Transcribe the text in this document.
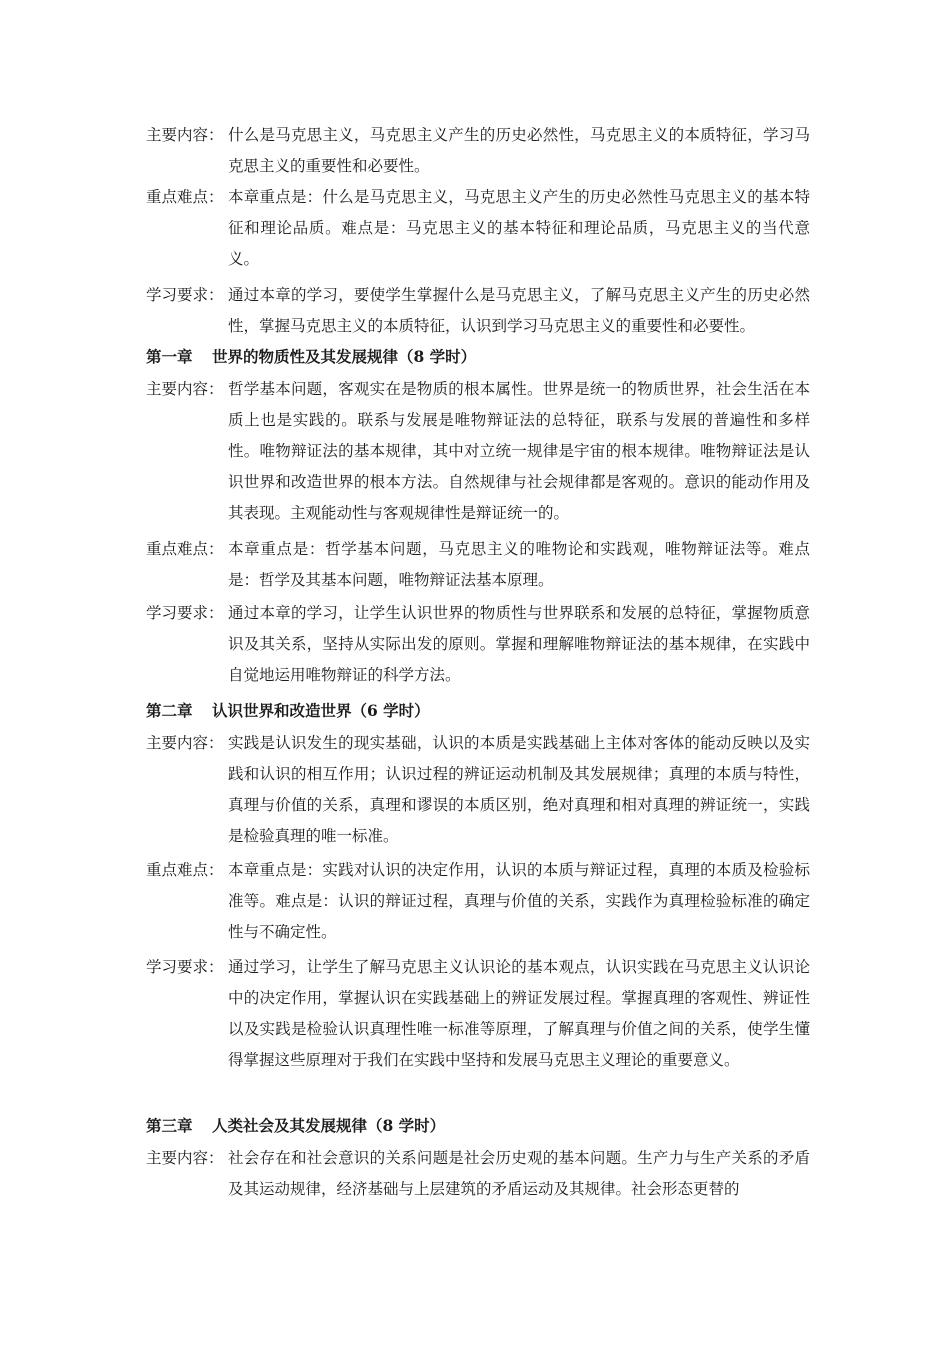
主要内容： 什么是马克思主义，马克思主义产生的历史必然性，马克思主义的本质特征，学习马克思主义的重要性和必要性。
重点难点： 本章重点是：什么是马克思主义，马克思主义产生的历史必然性马克思主义的基本特征和理论品质。难点是：马克思主义的基本特征和理论品质，马克思主义的当代意义。
学习要求： 通过本章的学习，要使学生掌握什么是马克思主义，了解马克思主义产生的历史必然性，掌握马克思主义的本质特征，认识到学习马克思主义的重要性和必要性。
第一章 世界的物质性及其发展规律（8 学时）
主要内容： 哲学基本问题，客观实在是物质的根本属性。世界是统一的物质世界，社会生活在本质上也是实践的。联系与发展是唯物辩证法的总特征，联系与发展的普遍性和多样性。唯物辩证法的基本规律，其中对立统一规律是宇宙的根本规律。唯物辩证法是认识世界和改造世界的根本方法。自然规律与社会规律都是客观的。意识的能动作用及其表现。主观能动性与客观规律性是辩证统一的。
重点难点： 本章重点是：哲学基本问题，马克思主义的唯物论和实践观，唯物辩证法等。难点是：哲学及其基本问题，唯物辩证法基本原理。
学习要求： 通过本章的学习，让学生认识世界的物质性与世界联系和发展的总特征，掌握物质意识及其关系，坚持从实际出发的原则。掌握和理解唯物辩证法的基本规律，在实践中自觉地运用唯物辩证的科学方法。
第二章 认识世界和改造世界（6 学时）
主要内容： 实践是认识发生的现实基础，认识的本质是实践基础上主体对客体的能动反映以及实践和认识的相互作用；认识过程的辨证运动机制及其发展规律；真理的本质与特性，真理与价值的关系，真理和谬误的本质区别，绝对真理和相对真理的辨证统一，实践是检验真理的唯一标准。
重点难点： 本章重点是：实践对认识的决定作用，认识的本质与辩证过程，真理的本质及检验标准等。难点是：认识的辩证过程，真理与价值的关系，实践作为真理检验标准的确定性与不确定性。
学习要求： 通过学习，让学生了解马克思主义认识论的基本观点，认识实践在马克思主义认识论中的决定作用，掌握认识在实践基础上的辨证发展过程。掌握真理的客观性、辨证性以及实践是检验认识真理性唯一标准等原理，了解真理与价值之间的关系，使学生懂得掌握这些原理对于我们在实践中坚持和发展马克思主义理论的重要意义。
第三章 人类社会及其发展规律（8 学时）
主要内容： 社会存在和社会意识的关系问题是社会历史观的基本问题。生产力与生产关系的矛盾及其运动规律，经济基础与上层建筑的矛盾运动及其规律。社会形态更替的
